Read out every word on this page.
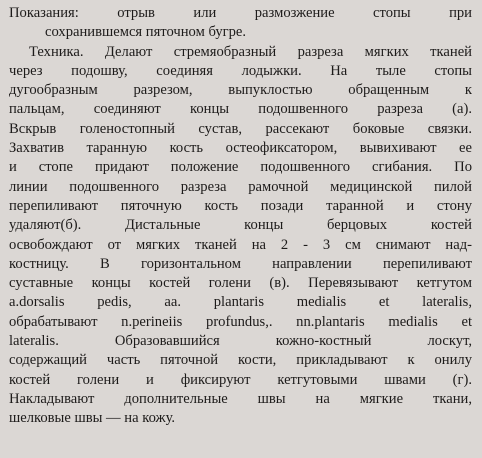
Показания: отрыв или размозжение стопы при
сохранившемся пяточном бугре.
Техника. Делают стремяобразный разреза мягких тканей
через подошву, соединяя лодыжки. На тыле стопы
дугообразным разрезом, выпуклостью обращенным к
пальцам, соединяют концы подошвенного разреза (а).
Вскрыв голеностопный сустав, рассекают боковые связки.
Захватив таранную кость остеофиксатором, вывихивают ее
и стопе придают положение подошвенного сгибания. По
линии подошвенного разреза рамочной медицинской пилой
перепиливают пяточную кость позади таранной и стону
удаляют(б). Дистальные концы берцовых костей
освобождают от мягких тканей на 2 - 3 см снимают над-
костницу. В горизонтальном направлении перепиливают
суставные концы костей голени (в). Перевязывают кетгутом
a.dorsalis pedis, aa. plantaris medialis et lateralis,
обрабатывают n.perineiis profundus,. nn.plantaris medialis et
lateralis. Образовавшийся кожно-костный лоскут,
содержащий часть пяточной кости, прикладывают к онилу
костей голени и фиксируют кетгутовыми швами (г).
Накладывают дополнительные швы на мягкие ткани,
шелковые швы — на кожу.
